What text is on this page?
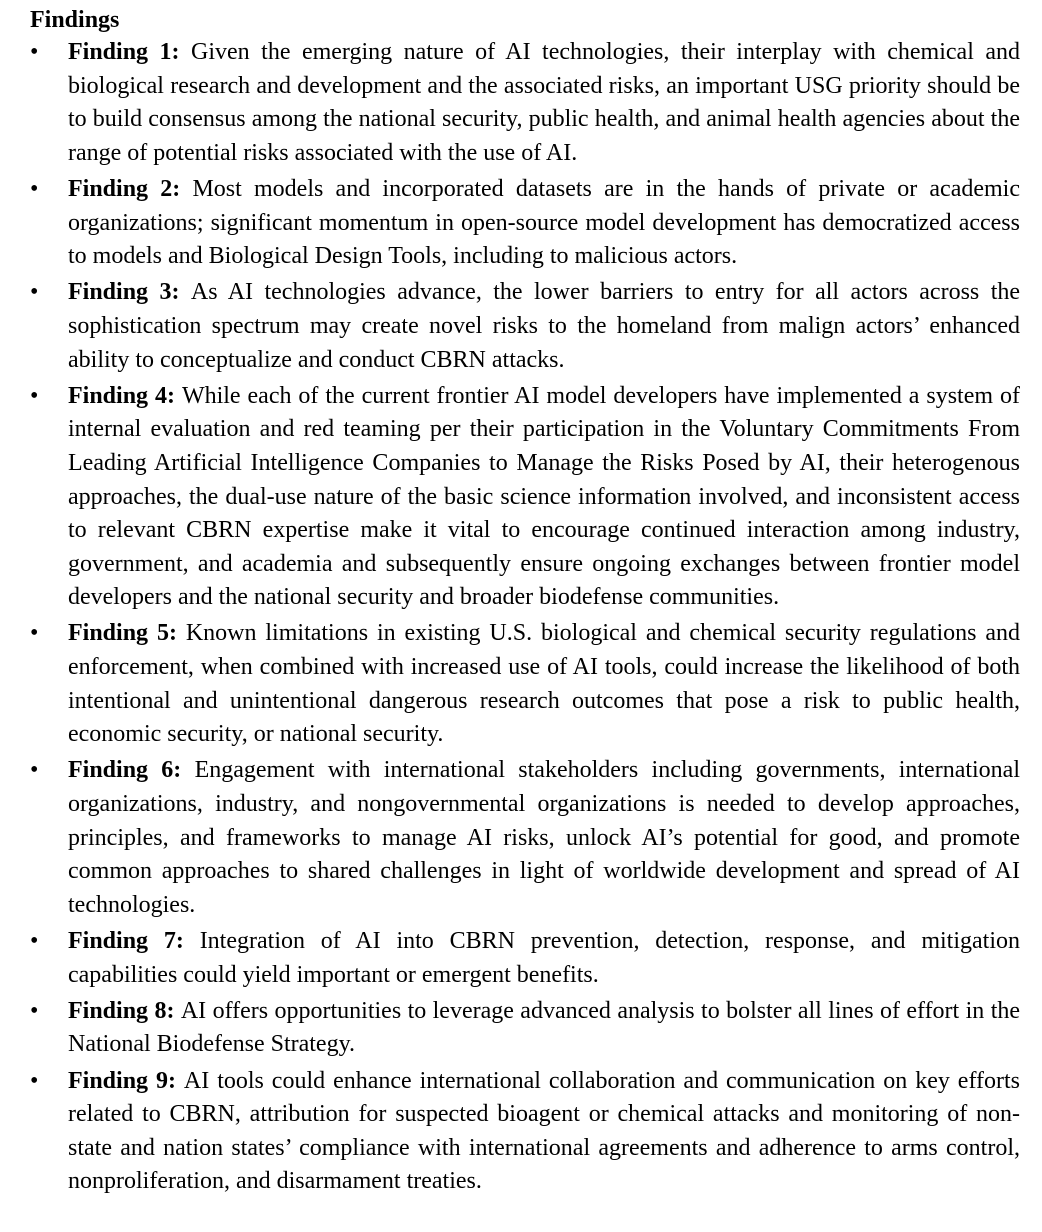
Findings
•	Finding 1: Given the emerging nature of AI technologies, their interplay with chemical and biological research and development and the associated risks, an important USG priority should be to build consensus among the national security, public health, and animal health agencies about the range of potential risks associated with the use of AI.
•	Finding 2: Most models and incorporated datasets are in the hands of private or academic organizations; significant momentum in open-source model development has democratized access to models and Biological Design Tools, including to malicious actors.
•	Finding 3: As AI technologies advance, the lower barriers to entry for all actors across the sophistication spectrum may create novel risks to the homeland from malign actors’ enhanced ability to conceptualize and conduct CBRN attacks.
•	Finding 4: While each of the current frontier AI model developers have implemented a system of internal evaluation and red teaming per their participation in the Voluntary Commitments From Leading Artificial Intelligence Companies to Manage the Risks Posed by AI, their heterogenous approaches, the dual-use nature of the basic science information involved, and inconsistent access to relevant CBRN expertise make it vital to encourage continued interaction among industry, government, and academia and subsequently ensure ongoing exchanges between frontier model developers and the national security and broader biodefense communities.
•	Finding 5: Known limitations in existing U.S. biological and chemical security regulations and enforcement, when combined with increased use of AI tools, could increase the likelihood of both intentional and unintentional dangerous research outcomes that pose a risk to public health, economic security, or national security.
•	Finding 6: Engagement with international stakeholders including governments, international organizations, industry, and nongovernmental organizations is needed to develop approaches, principles, and frameworks to manage AI risks, unlock AI’s potential for good, and promote common approaches to shared challenges in light of worldwide development and spread of AI technologies.
•	Finding 7: Integration of AI into CBRN prevention, detection, response, and mitigation capabilities could yield important or emergent benefits.
•	Finding 8: AI offers opportunities to leverage advanced analysis to bolster all lines of effort in the National Biodefense Strategy.
•	Finding 9: AI tools could enhance international collaboration and communication on key efforts related to CBRN, attribution for suspected bioagent or chemical attacks and monitoring of non-state and nation states’ compliance with international agreements and adherence to arms control, nonproliferation, and disarmament treaties.
